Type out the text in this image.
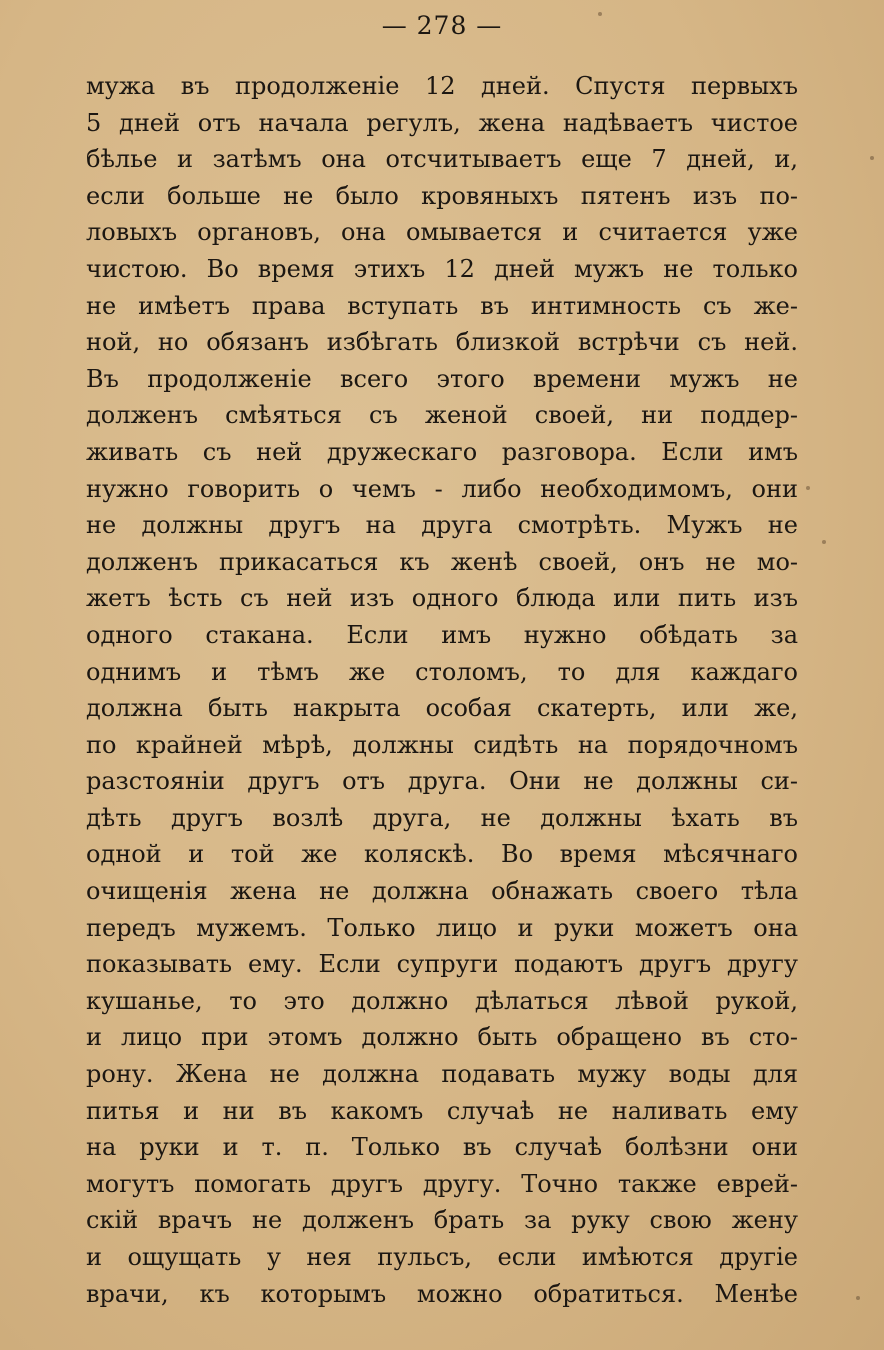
— 278 —
мужа въ продолженіе 12 дней. Спустя первыхъ
5 дней отъ начала регулъ, жена надѣваетъ чистое
бѣлье и затѣмъ она отсчитываетъ еще 7 дней, и,
если больше не было кровяныхъ пятенъ изъ по-
ловыхъ органовъ, она омывается и считается уже
чистою. Во время этихъ 12 дней мужъ не только
не имѣетъ права вступать въ интимность съ же-
ной, но обязанъ избѣгать близкой встрѣчи съ ней.
Въ продолженіе всего этого времени мужъ не
долженъ смѣяться съ женой своей, ни поддер-
живать съ ней дружескаго разговора. Если имъ
нужно говорить о чемъ - либо необходимомъ, они
не должны другъ на друга смотрѣть. Мужъ не
долженъ прикасаться къ женѣ своей, онъ не мо-
жетъ ѣсть съ ней изъ одного блюда или пить изъ
одного стакана. Если имъ нужно обѣдать за
однимъ и тѣмъ же столомъ, то для каждаго
должна быть накрыта особая скатерть, или же,
по крайней мѣрѣ, должны сидѣть на порядочномъ
разстояніи другъ отъ друга. Они не должны си-
дѣть другъ возлѣ друга, не должны ѣхать въ
одной и той же коляскѣ. Во время мѣсячнаго
очищенія жена не должна обнажать своего тѣла
передъ мужемъ. Только лицо и руки можетъ она
показывать ему. Если супруги подаютъ другъ другу
кушанье, то это должно дѣлаться лѣвой рукой,
и лицо при этомъ должно быть обращено въ сто-
рону. Жена не должна подавать мужу воды для
питья и ни въ какомъ случаѣ не наливать ему
на руки и т. п. Только въ случаѣ болѣзни они
могутъ помогать другъ другу. Точно также еврей-
скій врачъ не долженъ брать за руку свою жену
и ощущать у нея пульсъ, если имѣются другіе
врачи, къ которымъ можно обратиться. Менѣе
